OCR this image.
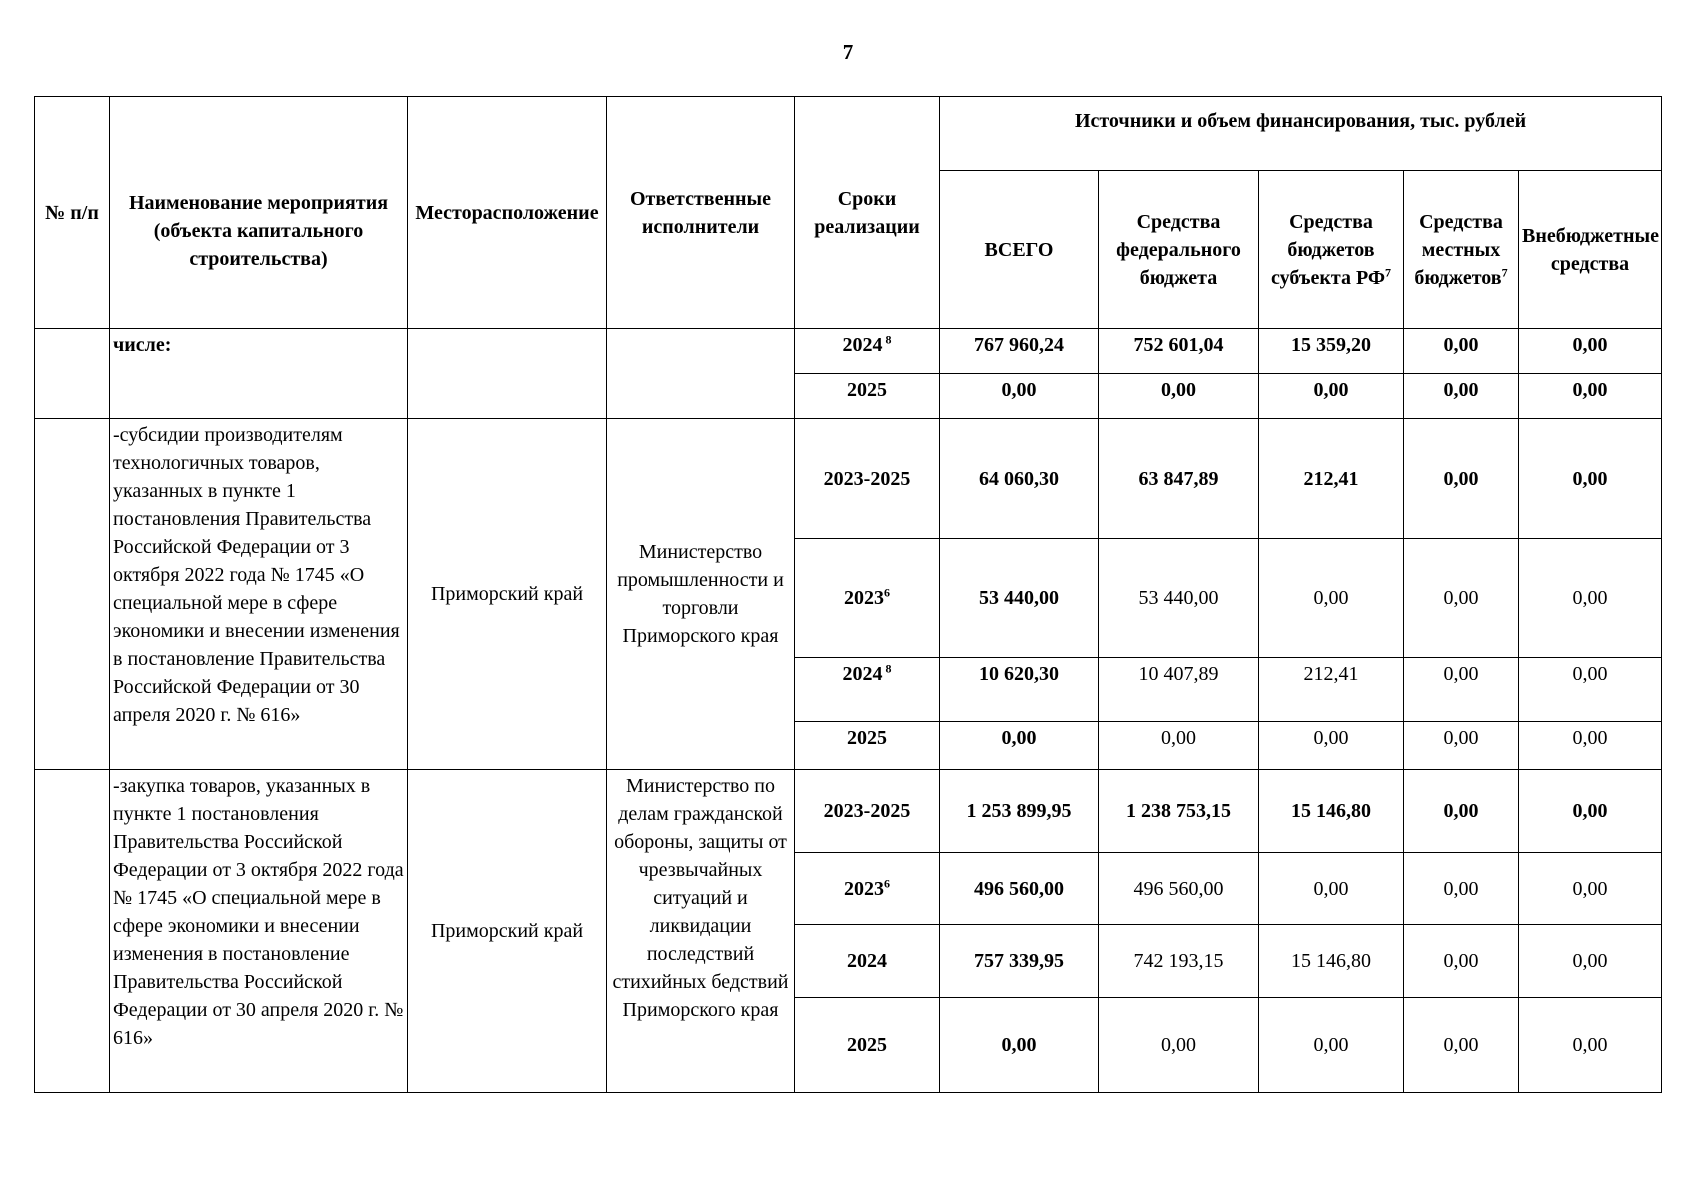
7
№ п/п	Наименование мероприятия (объекта капитального строительства)	Месторасположение	Ответственные исполнители	Сроки реализации	Источники и объем финансирования, тыс. рублей				
					ВСЕГО	Средства федерального бюджета	Средства бюджетов субъекта $РФ^7$	Средства местных бюджетов$^7$	Внебюджетные средства
	числе:			2024 $^8$	767 960,24	752 601,04	15 359,20	0,00	0,00
				2025	0,00	0,00	0,00	0,00	0,00
	-субсидии производителям технологичных товаров, указанных в пункте 1 постановления Правительства Российской Федерации от 3 октября 2022 года № 1745 «О специальной мере в сфере экономики и внесении изменения в постановление Правительства Российской Федерации от 30 апреля 2020 г. № 616»	Приморский край	Министерство промышленности и торговли Приморского края	2023-2025	64 060,30	63 847,89	212,41	0,00	0,00
				2023$^6$	53 440,00	53 440,00	0,00	0,00	0,00
				2024 $^8$	10 620,30	10 407,89	212,41	0,00	0,00
				2025	0,00	0,00	0,00	0,00	0,00
	-закупка товаров, указанных в пункте 1 постановления Правительства Российской Федерации от 3 октября 2022 года № 1745 «О специальной мере в сфере экономики и внесении изменения в постановление Правительства Российской Федерации от 30 апреля 2020 г. № 616»	Приморский край	Министерство по делам гражданской обороны, защиты от чрезвычайных ситуаций и ликвидации последствий стихийных бедствий Приморского края	2023-2025	1 253 899,95	1 238 753,15	15 146,80	0,00	0,00
				2023$^6$	496 560,00	496 560,00	0,00	0,00	0,00
				2024	757 339,95	742 193,15	15 146,80	0,00	0,00
				2025	0,00	0,00	0,00	0,00	0,00
